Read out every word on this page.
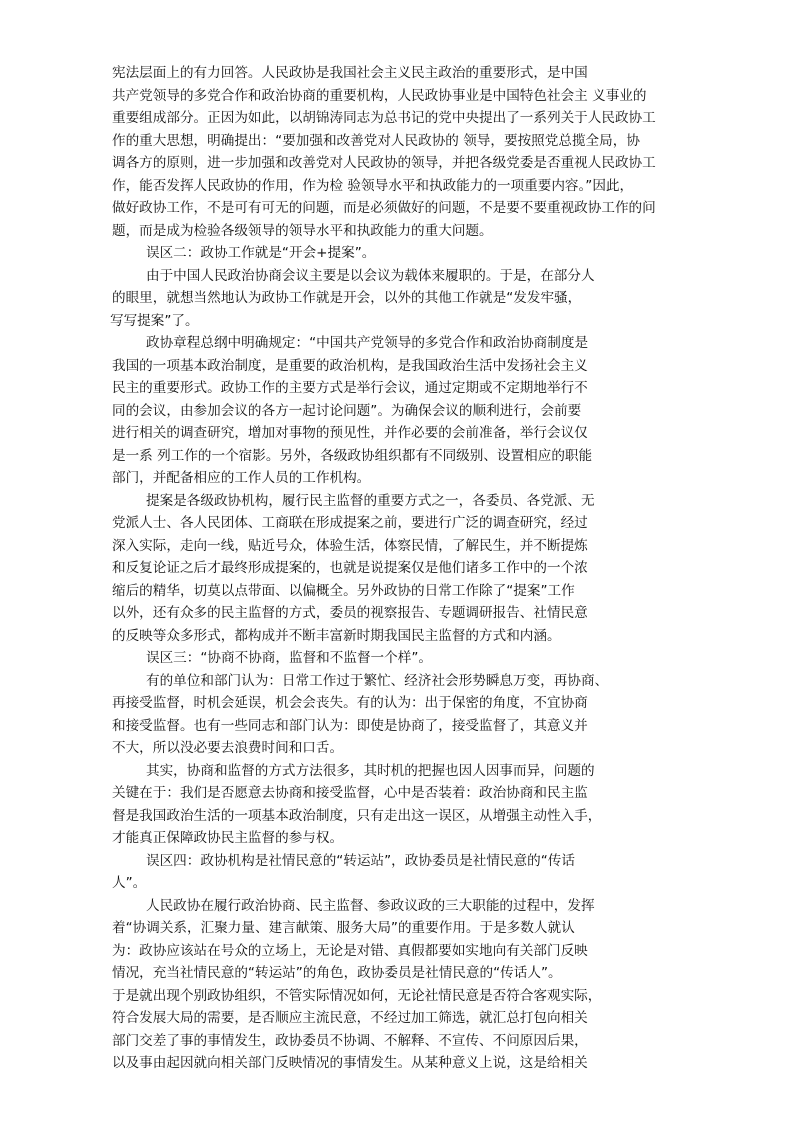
宪法层面上的有力回答。人民政协是我国社会主义民主政治的重要形式，是中国
共产党领导的多党合作和政治协商的重要机构，人民政协事业是中国特色社会主 义事业的
重要组成部分。正因为如此，以胡锦涛同志为总书记的党中央提出了一系列关于人民政协工
作的重大思想，明确提出：“要加强和改善党对人民政协的 领导，要按照党总揽全局，协
调各方的原则，进一步加强和改善党对人民政协的领导，并把各级党委是否重视人民政协工
作，能否发挥人民政协的作用，作为检 验领导水平和执政能力的一项重要内容。”因此，
做好政协工作，不是可有可无的问题，而是必须做好的问题，不是要不要重视政协工作的问
题，而是成为检验各级领导的领导水平和执政能力的重大问题。
误区二：政协工作就是“开会+提案”。
由于中国人民政治协商会议主要是以会议为载体来履职的。于是，在部分人
的眼里，就想当然地认为政协工作就是开会，以外的其他工作就是“发发牢骚，
写写提案”了。
政协章程总纲中明确规定：“中国共产党领导的多党合作和政治协商制度是
我国的一项基本政治制度，是重要的政治机构，是我国政治生活中发扬社会主义
民主的重要形式。政协工作的主要方式是举行会议，通过定期或不定期地举行不
同的会议，由参加会议的各方一起讨论问题”。为确保会议的顺利进行，会前要
进行相关的调查研究，增加对事物的预见性，并作必要的会前准备，举行会议仅
是一系 列工作的一个宿影。另外，各级政协组织都有不同级别、设置相应的职能
部门，并配备相应的工作人员的工作机构。
提案是各级政协机构，履行民主监督的重要方式之一，各委员、各党派、无
党派人士、各人民团体、工商联在形成提案之前，要进行广泛的调查研究，经过
深入实际，走向一线，贴近号众，体验生活，体察民情，了解民生，并不断提炼
和反复论证之后才最终形成提案的，也就是说提案仅是他们诸多工作中的一个浓
缩后的精华，切莫以点带面、以偏概全。另外政协的日常工作除了“提案”工作
以外，还有众多的民主监督的方式，委员的视察报告、专题调研报告、社情民意
的反映等众多形式，都构成并不断丰富新时期我国民主监督的方式和内涵。
误区三：“协商不协商，监督和不监督一个样”。
有的单位和部门认为：日常工作过于繁忙、经济社会形势瞬息万变，再协商、
再接受监督，时机会延误，机会会丧失。有的认为：出于保密的角度，不宜协商
和接受监督。也有一些同志和部门认为：即使是协商了，接受监督了，其意义并
不大，所以没必要去浪费时间和口舌。
其实，协商和监督的方式方法很多，其时机的把握也因人因事而异，问题的
关键在于：我们是否愿意去协商和接受监督，心中是否装着：政治协商和民主监
督是我国政治生活的一项基本政治制度，只有走出这一误区，从增强主动性入手，
才能真正保障政协民主监督的参与权。
误区四：政协机构是社情民意的“转运站”，政协委员是社情民意的“传话
人”。
人民政协在履行政治协商、民主监督、参政议政的三大职能的过程中，发挥
着“协调关系，汇聚力量、建言献策、服务大局”的重要作用。于是多数人就认
为：政协应该站在号众的立场上，无论是对错、真假都要如实地向有关部门反映
情况，充当社情民意的“转运站”的角色，政协委员是社情民意的“传话人”。
于是就出现个别政协组织，不管实际情况如何，无论社情民意是否符合客观实际，
符合发展大局的需要，是否顺应主流民意，不经过加工筛选，就汇总打包向相关
部门交差了事的事情发生，政协委员不协调、不解释、不宣传、不问原因后果，
以及事由起因就向相关部门反映情况的事情发生。从某种意义上说，这是给相关
